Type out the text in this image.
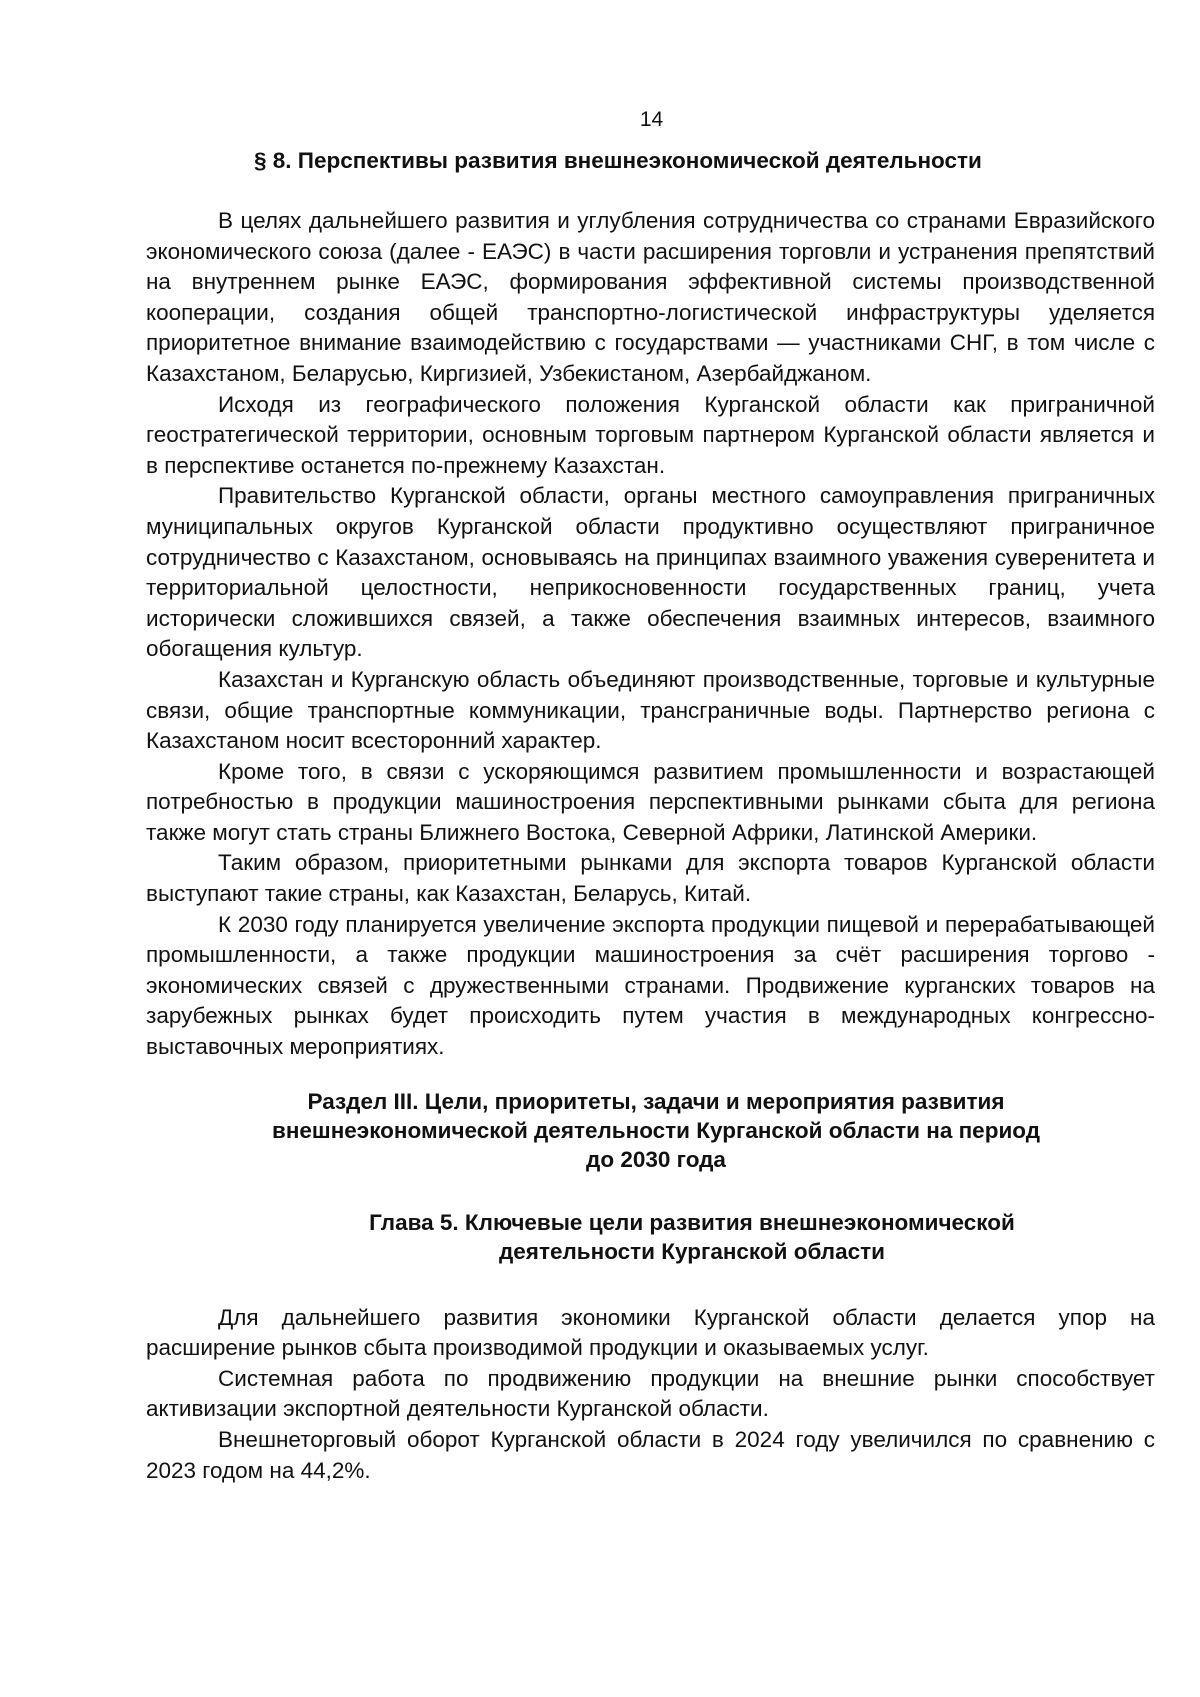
14
§ 8. Перспективы развития внешнеэкономической деятельности

В целях дальнейшего развития и углубления сотрудничества со странами Евразийского экономического союза (далее - ЕАЭС) в части расширения торговли и устранения препятствий на внутреннем рынке ЕАЭС, формирования эффективной системы производственной кооперации, создания общей транспортно-логистической инфраструктуры уделяется приоритетное внимание взаимодействию с государствами — участниками СНГ, в том числе с Казахстаном, Беларусью, Киргизией, Узбекистаном, Азербайджаном.

Исходя из географического положения Курганской области как приграничной геостратегической территории, основным торговым партнером Курганской области является и в перспективе останется по-прежнему Казахстан.

Правительство Курганской области, органы местного самоуправления приграничных муниципальных округов Курганской области продуктивно осуществляют приграничное сотрудничество с Казахстаном, основываясь на принципах взаимного уважения суверенитета и территориальной целостности, неприкосновенности государственных границ, учета исторически сложившихся связей, а также обеспечения взаимных интересов, взаимного обогащения культур.

Казахстан и Курганскую область объединяют производственные, торговые и культурные связи, общие транспортные коммуникации, трансграничные воды. Партнерство региона с Казахстаном носит всесторонний характер.

Кроме того, в связи с ускоряющимся развитием промышленности и возрастающей потребностью в продукции машиностроения перспективными рынками сбыта для региона также могут стать страны Ближнего Востока, Северной Африки, Латинской Америки.

Таким образом, приоритетными рынками для экспорта товаров Курганской области выступают такие страны, как Казахстан, Беларусь, Китай.

К 2030 году планируется увеличение экспорта продукции пищевой и перерабатывающей промышленности, а также продукции машиностроения за счёт расширения торгово - экономических связей с дружественными странами. Продвижение курганских товаров на зарубежных рынках будет происходить путем участия в международных конгрессно-выставочных мероприятиях.

Раздел III. Цели, приоритеты, задачи и мероприятия развития
внешнеэкономической деятельности Курганской области на период
до 2030 года
Глава 5. Ключевые цели развития внешнеэкономической
деятельности Курганской области

Для дальнейшего развития экономики Курганской области делается упор на расширение рынков сбыта производимой продукции и оказываемых услуг.

Системная работа по продвижению продукции на внешние рынки способствует активизации экспортной деятельности Курганской области.

Внешнеторговый оборот Курганской области в 2024 году увеличился по сравнению с 2023 годом на 44,2%.
